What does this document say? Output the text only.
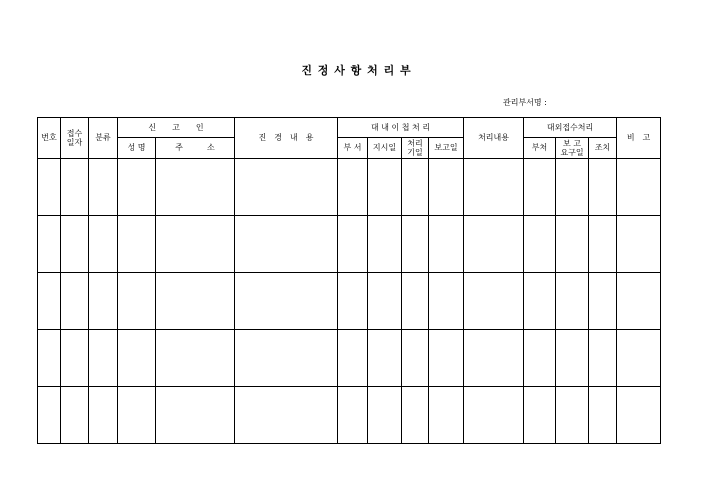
진 정 사 항 처 리 부
관리부서명 :
번호	접수일자	분류	신　　고　　인		진　경　내　용	대 내 이 첩 처 리				처리내용	대외접수처리			비　고
			성 명	주　　　소		부 서	지시일	처리기일	보고일		부처	보 고 요구일	조치	
